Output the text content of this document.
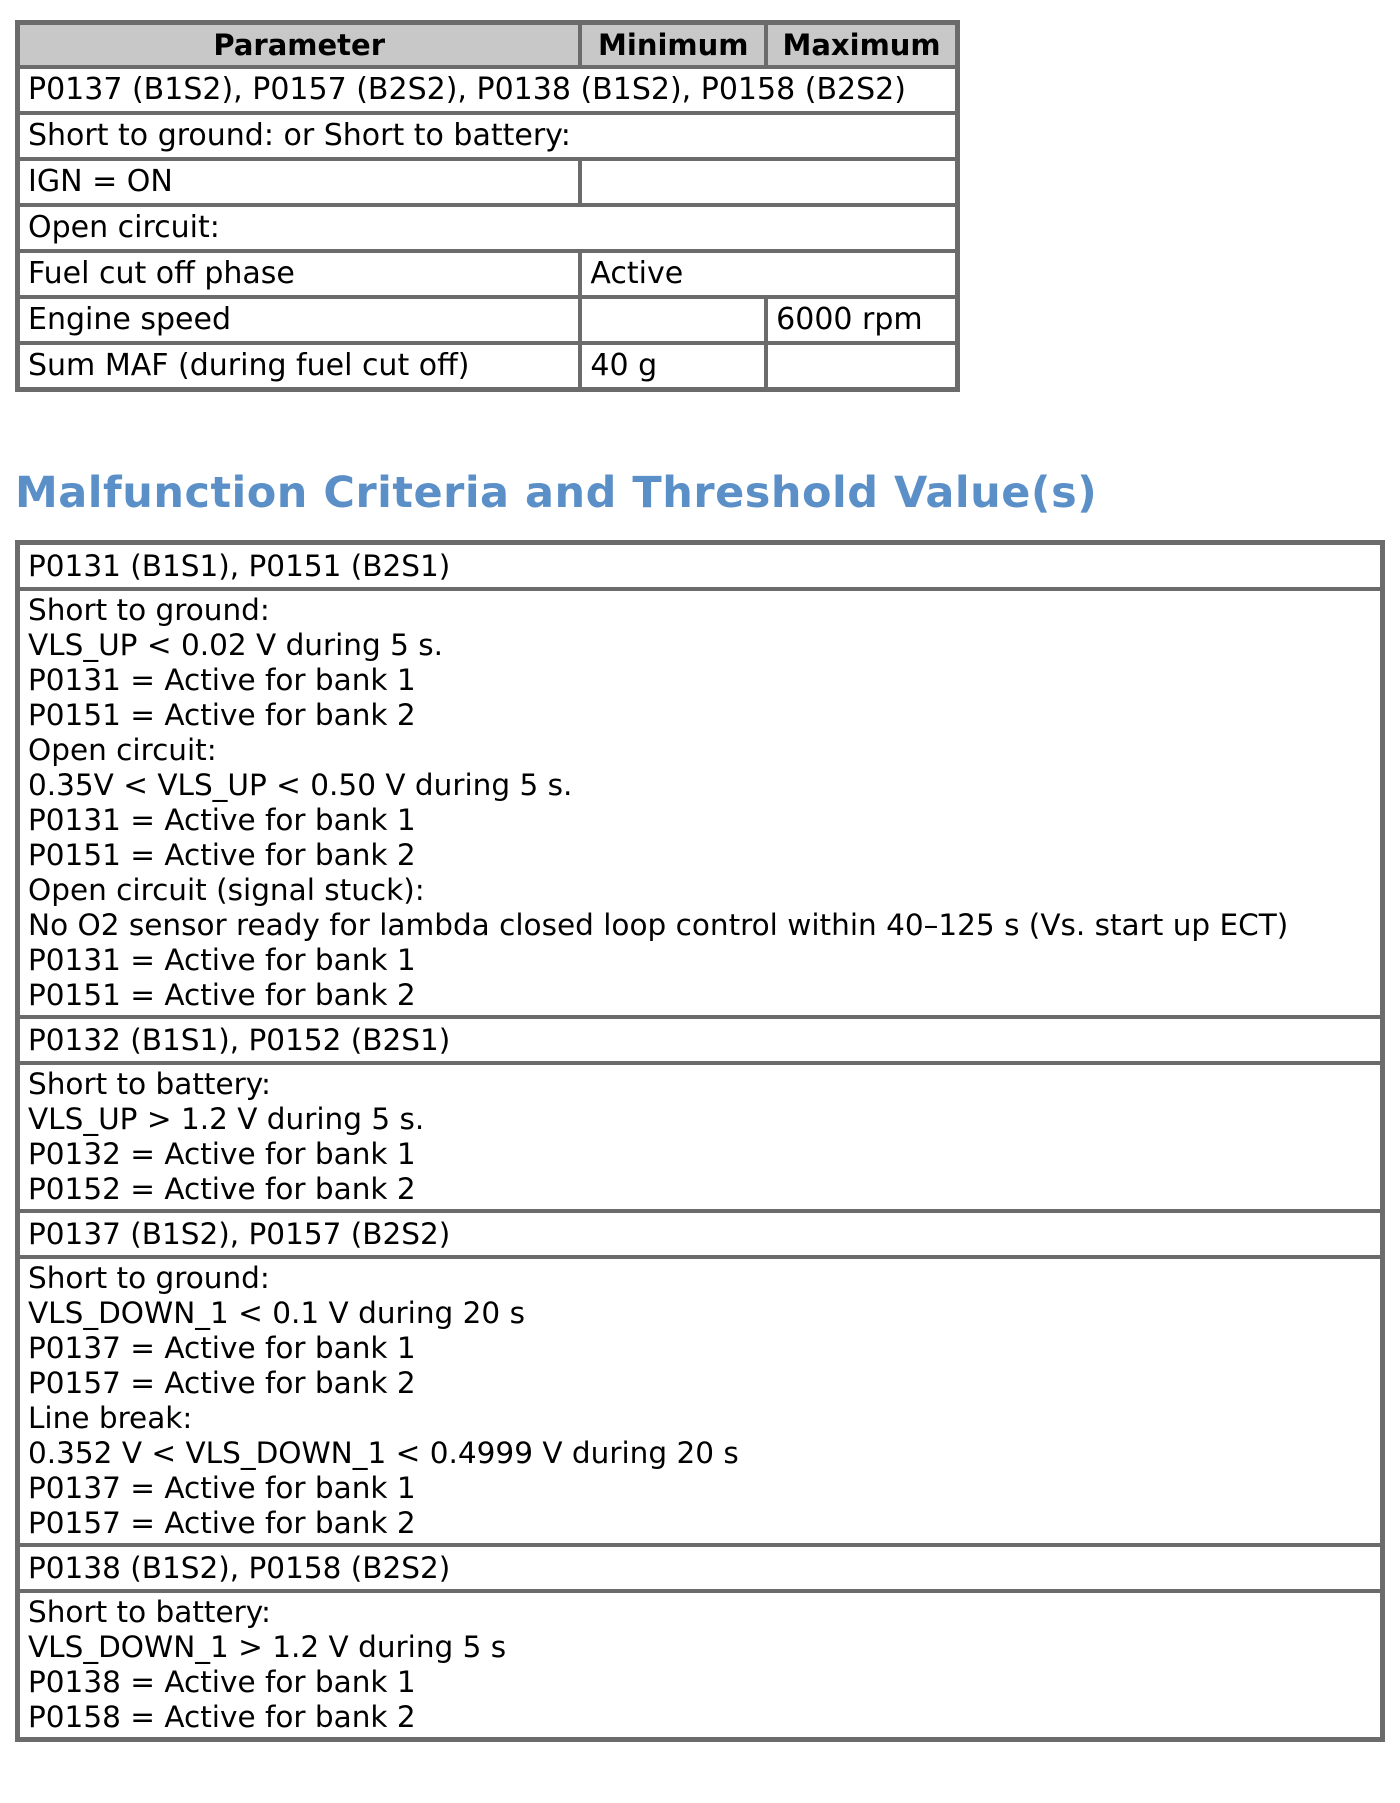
Parameter	Minimum	Maximum
P0137 (B1S2), P0157 (B2S2), P0138 (B1S2), P0158 (B2S2)		
Short to ground: or Short to battery:		
IGN = ON		
Open circuit:		
Fuel cut off phase	Active	
Engine speed		6000 rpm
Sum MAF (during fuel cut off)	40 g	
Malfunction Criteria and Threshold Value(s)
P0131 (B1S1), P0151 (B2S1)

Short to ground:
VLS_UP < 0.02 V during 5 s.
P0131 = Active for bank 1
P0151 = Active for bank 2
Open circuit:
0.35V < VLS_UP < 0.50 V during 5 s.
P0131 = Active for bank 1
P0151 = Active for bank 2
Open circuit (signal stuck):
No O2 sensor ready for lambda closed loop control within 40–125 s (Vs. start up ECT)
P0131 = Active for bank 1
P0151 = Active for bank 2

P0132 (B1S1), P0152 (B2S1)

Short to battery:
VLS_UP > 1.2 V during 5 s.
P0132 = Active for bank 1
P0152 = Active for bank 2

P0137 (B1S2), P0157 (B2S2)

Short to ground:
VLS_DOWN_1 < 0.1 V during 20 s
P0137 = Active for bank 1
P0157 = Active for bank 2
Line break:
0.352 V < VLS_DOWN_1 < 0.4999 V during 20 s
P0137 = Active for bank 1
P0157 = Active for bank 2

P0138 (B1S2), P0158 (B2S2)

Short to battery:
VLS_DOWN_1 > 1.2 V during 5 s
P0138 = Active for bank 1
P0158 = Active for bank 2
